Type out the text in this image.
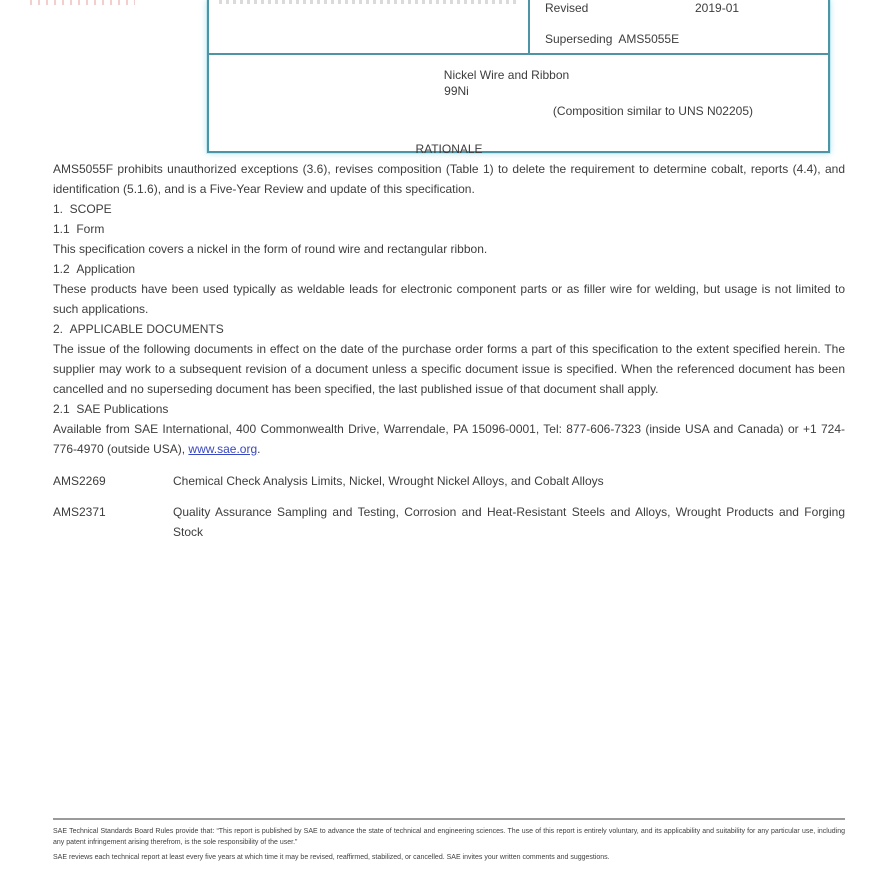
Revised	2019-01
Superseding AMS5055E
Nickel Wire and Ribbon
99Ni
(Composition similar to UNS N02205)
RATIONALE

AMS5055F prohibits unauthorized exceptions (3.6), revises composition (Table 1) to delete the requirement to determine cobalt, reports (4.4), and identification (5.1.6), and is a Five-Year Review and update of this specification.

1.  SCOPE
1.1  Form

This specification covers a nickel in the form of round wire and rectangular ribbon.

1.2  Application

These products have been used typically as weldable leads for electronic component parts or as filler wire for welding, but usage is not limited to such applications.

2.  APPLICABLE DOCUMENTS

The issue of the following documents in effect on the date of the purchase order forms a part of this specification to the extent specified herein. The supplier may work to a subsequent revision of a document unless a specific document issue is specified. When the referenced document has been cancelled and no superseding document has been specified, the last published issue of that document shall apply.

2.1  SAE Publications

Available from SAE International, 400 Commonwealth Drive, Warrendale, PA 15096-0001, Tel: 877-606-7323 (inside USA and Canada) or +1 724-776-4970 (outside USA), www.sae.org.

AMS2269	Chemical Check Analysis Limits, Nickel, Wrought Nickel Alloys, and Cobalt Alloys
AMS2371	Quality Assurance Sampling and Testing, Corrosion and Heat-Resistant Steels and Alloys, Wrought Products and Forging Stock

SAE Technical Standards Board Rules provide that: “This report is published by SAE to advance the state of technical and engineering sciences. The use of this report is entirely voluntary, and its applicability and suitability for any particular use, including any patent infringement arising therefrom, is the sole responsibility of the user.”

SAE reviews each technical report at least every five years at which time it may be revised, reaffirmed, stabilized, or cancelled. SAE invites your written comments and suggestions.
